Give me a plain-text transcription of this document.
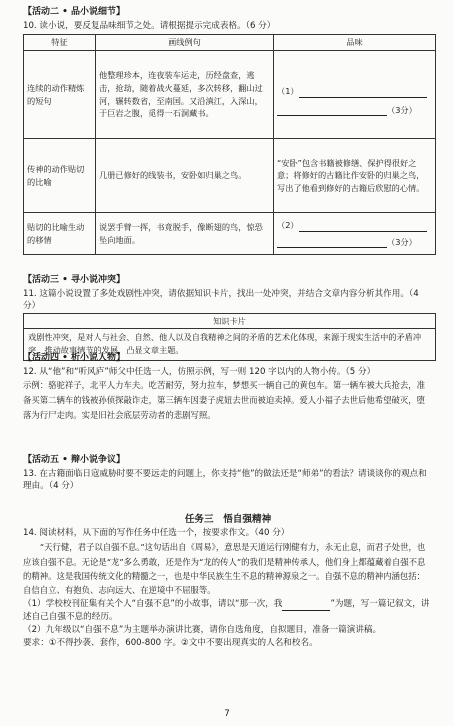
【活动二 • 品小说细节】

10. 读小说，要反复品味细节之处。请根据提示完成表格。（6 分）

特征	画线例句	品味
连续的动作精炼的短句	他整理珍本，连夜装车运走，历经盘查，逃击，抢劫，随着战火蔓延，多次转移，翻山过河，辗转数省，至南国。又沿滇江，入深山，于巨岩之腹，觅得一石洞藏书。	（1）
（3分）

传神的动作贴切的比喻	几册已修好的线装书，安卧如归巢之鸟。	“安卧”包含书籍被修缮、保护得很好之意；将修好的古籍比作安卧的归巢之鸟，写出了他看到修好的古籍后欣慰的心情。
贴切的比喻生动的移情	说罢手臂一挥，书竟脱手，像断翅的鸟，惊恐坠向地面。	（2）
（3分）

【活动三 • 寻小说冲突】

11. 这篇小说设置了多处戏剧性冲突，请依据知识卡片，找出一处冲突，并结合文章内容分析其作用。（4 分）

知识卡片
戏剧性冲突，是对人与社会、自然、他人以及自我精神之间的矛盾的艺术化体现，来源于现实生活中的矛盾冲突，推动故事情节的发展，凸显文章主题。

【活动四 • 析小说人物】

12. 从“他”和“听风庐”师父中任选一人，仿照示例，写一则 120 字以内的人物小传。（5 分）

示例：骆驼祥子，北平人力车夫。吃苦耐劳，努力拉车，梦想买一辆自己的黄包车。第一辆车被大兵抢去，准备买第二辆车的钱被孙侦探敲诈走，第三辆车因妻子虎妞去世而被迫卖掉。爱人小福子去世后他希望破灭，堕落为行尸走肉。实是旧社会底层劳动者的悲剧写照。

【活动五 • 辩小说争议】

13. 在古籍面临日寇威胁时要不要远走的问题上，你支持“他”的做法还是“师弟”的看法？请谈谈你的观点和理由。（4 分）

任务三　悟自强精神

14. 阅读材料，从下面的写作任务中任选一个，按要求作文。（40 分）

“天行健，君子以自强不息。”这句话出自《周易》，意思是天道运行刚健有力，永无止息，而君子处世，也应该自强不息。无论是“龙”多么勇敢，还是作为“龙的传人”的我们是精神传承人，他们身上都蕴藏着自强不息的精神。这是我国传统文化的精髓之一，也是中华民族生生不息的精神源泉之一。自强不息的精神内涵包括：自信自立、有抱负、志向远大、在逆境中不屈服等。

（1）学校校刊征集有关个人“自强不息”的小故事，请以“那一次，我	”为题，写一篇记叙文，讲述自己自强不息的经历。

（2）九年级以“自强不息”为主题举办演讲比赛，请你自选角度，自拟题目，准备一篇演讲稿。

要求：①不得抄袭、套作，600-800 字。②文中不要出现真实的人名和校名。

7
